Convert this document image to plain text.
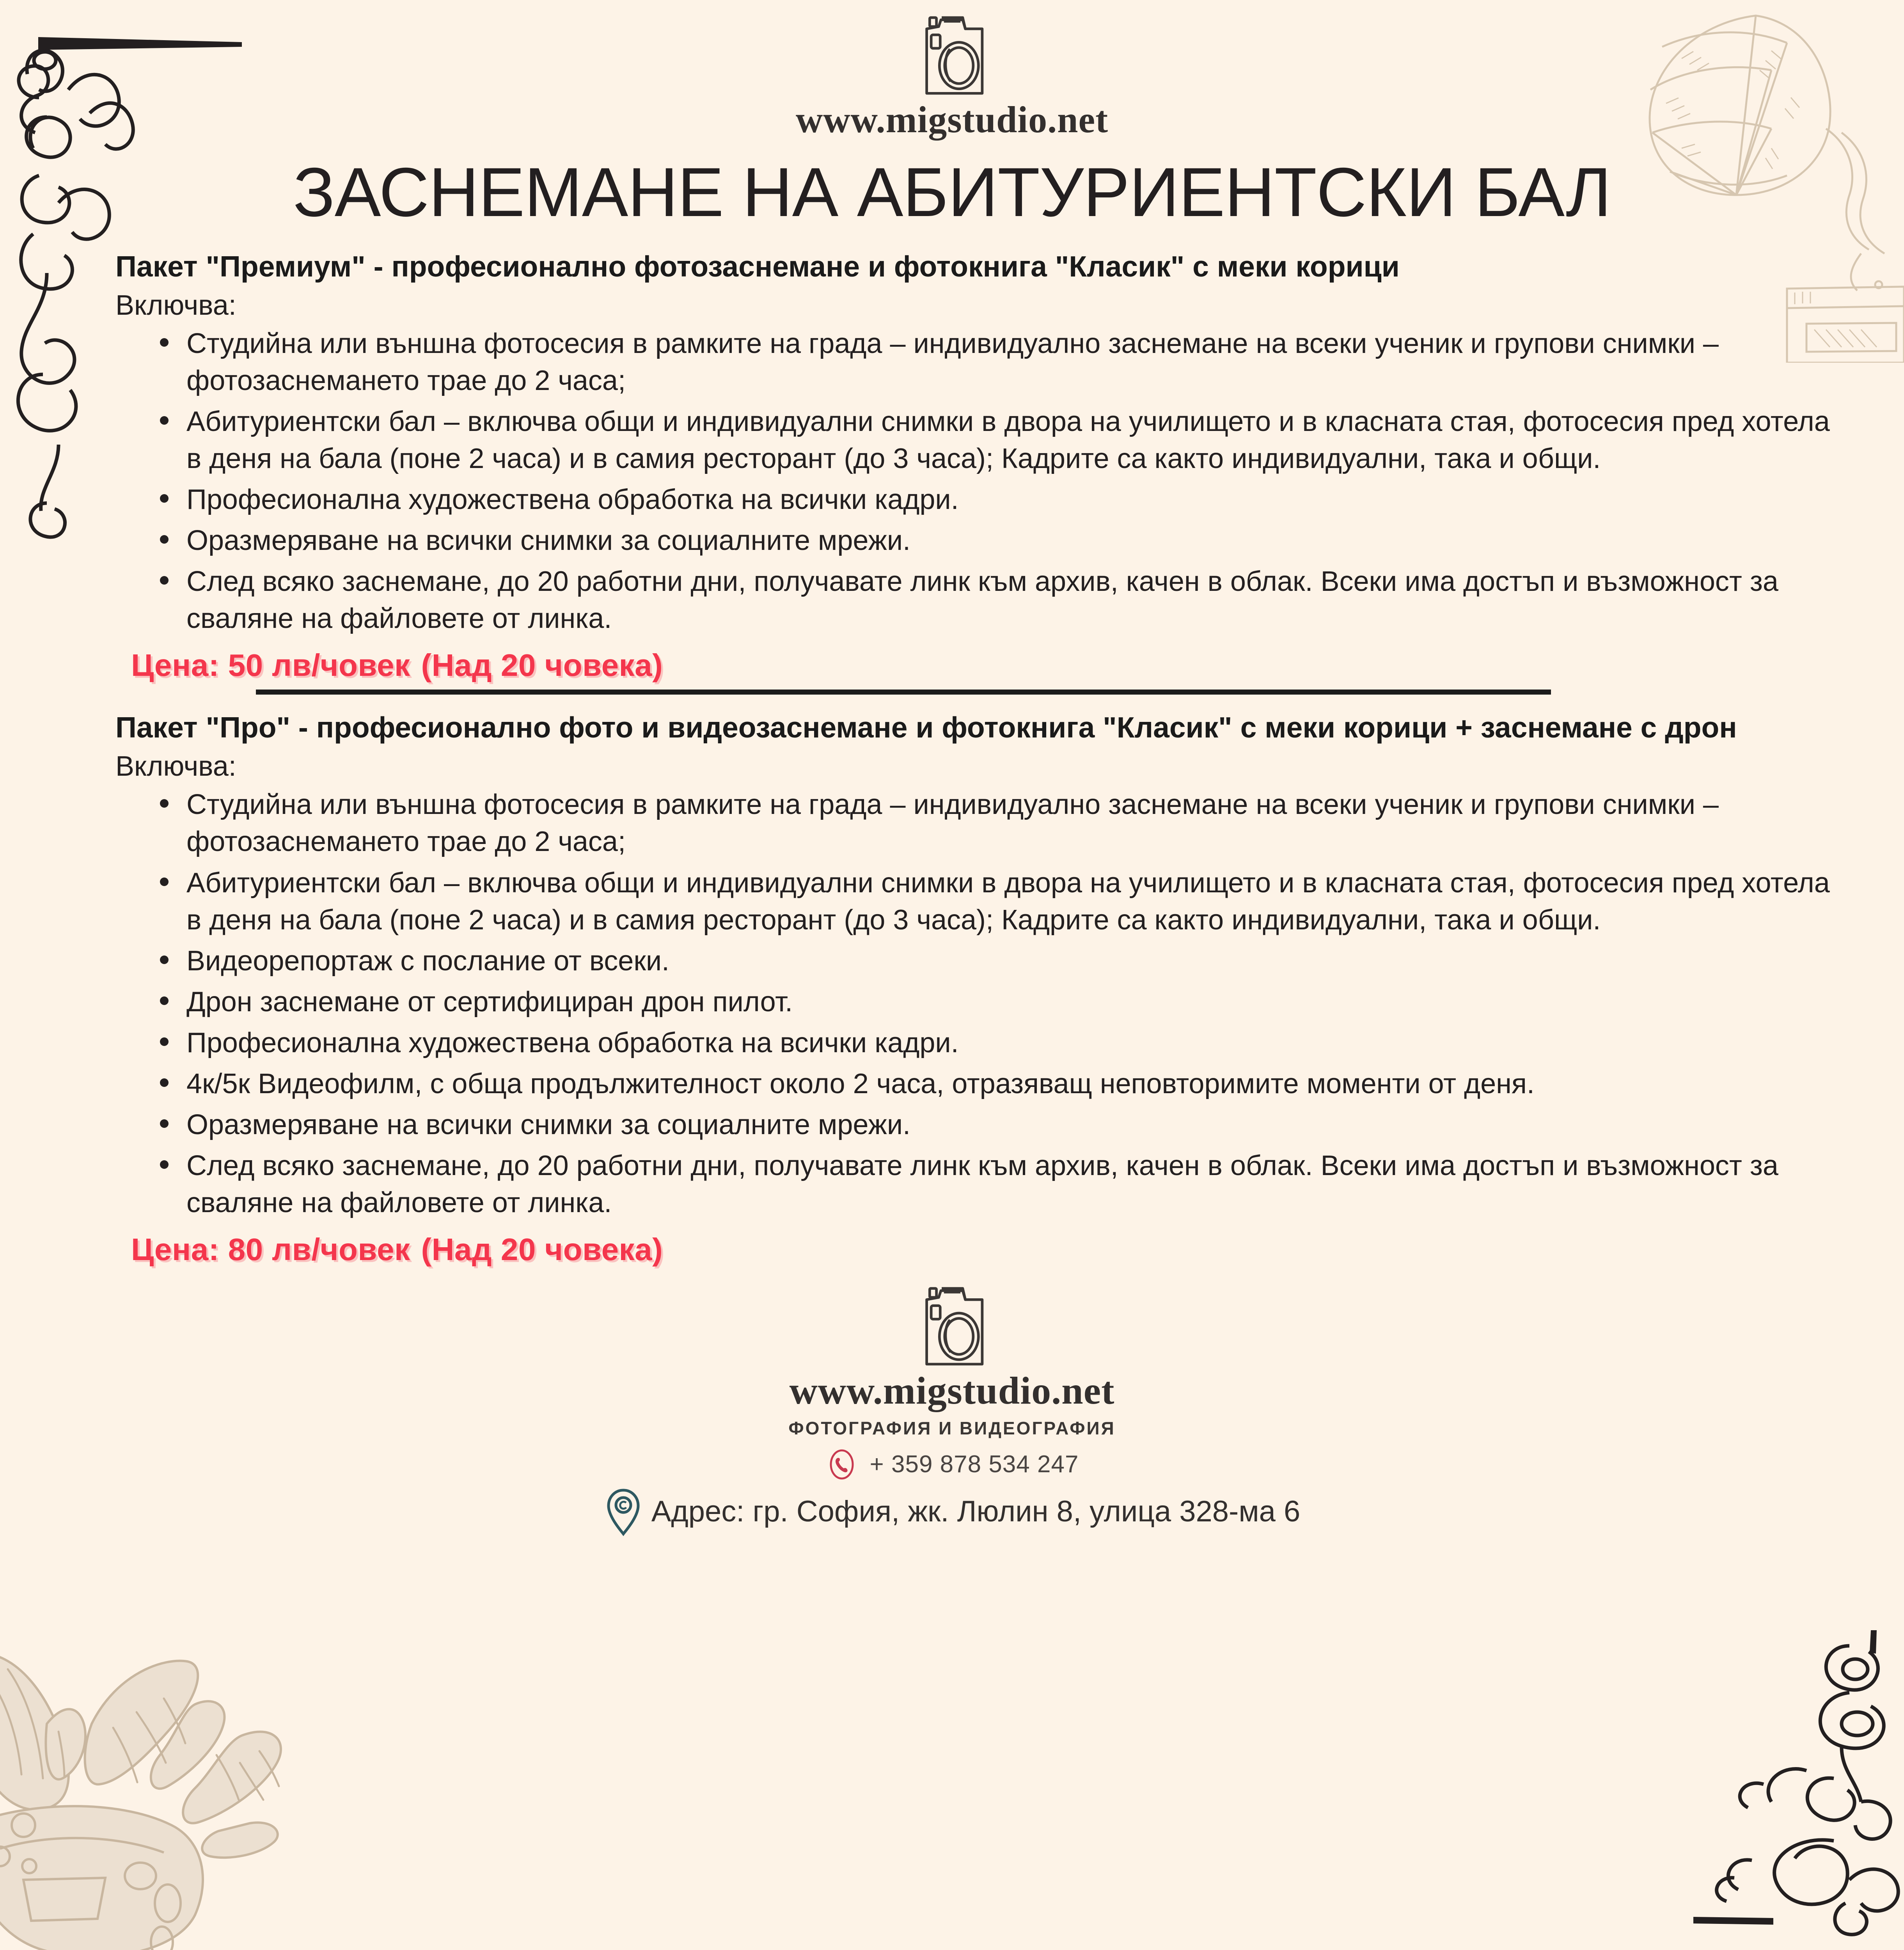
www.migstudio.net
ЗАСНЕМАНЕ НА АБИТУРИЕНТСКИ БАЛ
Пакет "Премиум" - професионално фотозаснемане и фотокнига "Класик" с меки корици
Включва:
Студийна или външна фотосесия в рамките на града – индивидуално заснемане на всеки ученик и групови снимки – фотозаснемането трае до 2 часа;
Абитуриентски бал – включва общи и индивидуални снимки в двора на училището и в класната стая, фотосесия пред хотела в деня на бала (поне 2 часа) и в самия ресторант (до 3 часа); Кадрите са както индивидуални, така и общи.
Професионална художествена обработка на всички кадри.
Оразмеряване на всички снимки за социалните мрежи.
След всяко заснемане, до 20 работни дни, получавате линк към архив, качен в облак. Всеки има достъп и възможност за сваляне на файловете от линка.
Цена: 50 лв/човек (Над 20 човека)
Пакет "Про" - професионално фото и видеозаснемане и фотокнига "Класик" с меки корици + заснемане с дрон
Включва:
Студийна или външна фотосесия в рамките на града – индивидуално заснемане на всеки ученик и групови снимки – фотозаснемането трае до 2 часа;
Абитуриентски бал – включва общи и индивидуални снимки в двора на училището и в класната стая, фотосесия пред хотела в деня на бала (поне 2 часа) и в самия ресторант (до 3 часа); Кадрите са както индивидуални, така и общи.
Видеорепортаж с послание от всеки.
Дрон заснемане от сертифициран дрон пилот.
Професионална художествена обработка на всички кадри.
4к/5к Видеофилм, с обща продължителност около 2 часа, отразяващ неповторимите моменти от деня.
Оразмеряване на всички снимки за социалните мрежи.
След всяко заснемане, до 20 работни дни, получавате линк към архив, качен в облак. Всеки има достъп и възможност за сваляне на файловете от линка.
Цена: 80 лв/човек (Над 20 човека)
www.migstudio.net
ФОТОГРАФИЯ И ВИДЕОГРАФИЯ
+ 359 878 534 247
Адрес: гр. София, жк. Люлин 8, улица 328-ма 6
